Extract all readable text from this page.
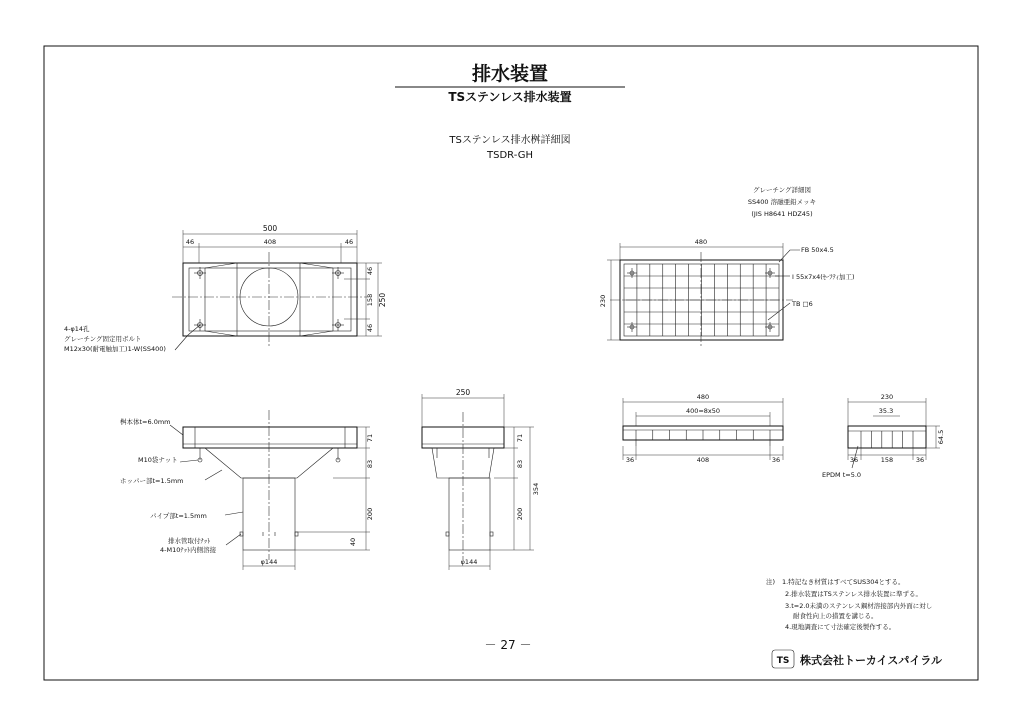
排水装置
TSステンレス排水装置
TSステンレス排水桝詳細図
TSDR-GH
500
46	408	46
46
158
46
250
4-φ14孔
グレーチング固定用ボルト
M12x30(耐電触加工)1-W(SS400)
桝本体t=6.0mm
M10袋ナット
ホッパー部t=1.5mm
パイプ部t=1.5mm
排水管取付ﾅｯﾄ
4-M10ﾅｯﾄ内側溶接
71
83
200
40
φ144
250
71
83
200
354
φ144
グレーチング詳細図
SS400 溶融亜鉛メッキ
(JIS H8641 HDZ45)
480
230
FB 50x4.5
I 55x7x4(ｾｰﾌﾃｨ加工)
TB □6
480
400=8x50
36	408	36
230
35.3
64.5
36	158	36
EPDM t=5.0
注) 1.特記なき材質はすべてSUS304とする。
2.排水装置はTSステンレス排水装置に準ずる。
3.t=2.0未満のステンレス鋼材溶接部内外面に対し
耐食性向上の措置を講じる。
4.現地調査にて寸法確定後製作する。
－ 27 －
TS 株式会社トーカイスパイラル
